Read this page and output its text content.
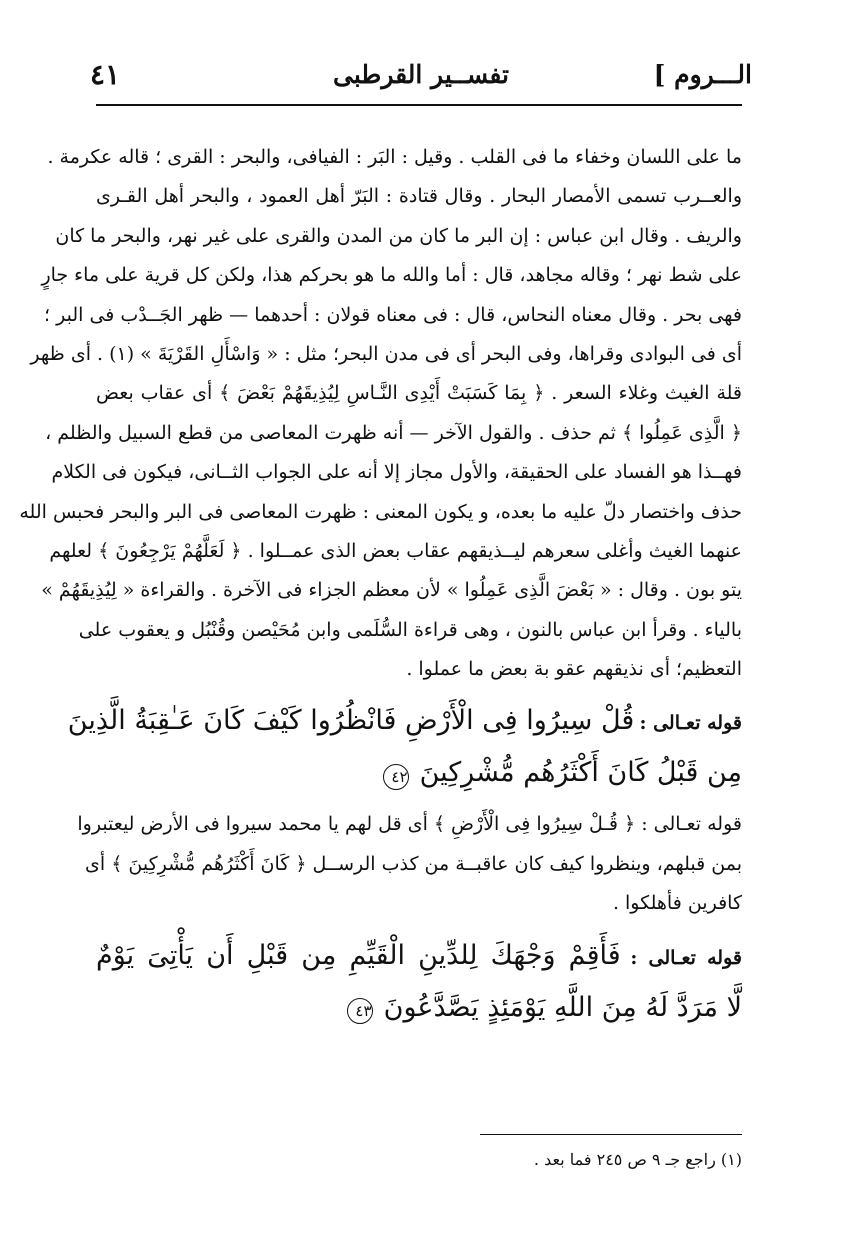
الـــروم ]
تفســير القرطبى
٤١
ما على اللسان وخفاء ما فى القلب . وقيل : البَر : الفيافى، والبحر : القرى ؛ قاله عكرمة .
والعــرب تسمى الأمصار البحار . وقال قتادة : البَرّ أهل العمود ، والبحر أهل القـرى
والريف . وقال ابن عباس : إن البر ما كان من المدن والقرى على غير نهر، والبحر ما كان
على شط نهر ؛ وقاله مجاهد، قال : أما والله ما هو بحركم هذا، ولكن كل قرية على ماء جارٍ
فهى بحر . وقال معناه النحاس، قال : فى معناه قولان : أحدهما — ظهر الجَــدْب فى البر ؛
أى فى البوادى وقراها، وفى البحر أى فى مدن البحر؛ مثل : « وَاسْأَلِ القَرْيَةَ » (١) . أى ظهر
قلة الغيث وغلاء السعر . ﴿ بِمَا كَسَبَتْ أَيْدِى النَّـاسِ لِيُذِيقَهُمْ بَعْضَ ﴾ أى عقاب بعض
﴿ الَّذِى عَمِلُوا ﴾ ثم حذف . والقول الآخر — أنه ظهرت المعاصى من قطع السبيل والظلم ،
فهــذا هو الفساد على الحقيقة، والأول مجاز إلا أنه على الجواب الثــانى، فيكون فى الكلام
حذف واختصار دلّ عليه ما بعده، و يكون المعنى : ظهرت المعاصى فى البر والبحر فحبس الله
عنهما الغيث وأغلى سعرهم ليــذيقهم عقاب بعض الذى عمــلوا . ﴿ لَعَلَّهُمْ يَرْجِعُونَ ﴾ لعلهم
يتو بون . وقال : « بَعْضَ الَّذِى عَمِلُوا » لأن معظم الجزاء فى الآخرة . والقراءة « لِيُذِيقَهُمْ »
بالياء . وقرأ ابن عباس بالنون ، وهى قراءة السُّلَمى وابن مُحَيْصن وقُنْبُل و يعقوب على
التعظيم؛ أى نذيقهم عقو بة بعض ما عملوا .
قوله تعـالى : قُلْ سِيرُوا فِى الْأَرْضِ فَانْظُرُوا كَيْفَ كَانَ عَـٰقِبَةُ الَّذِينَ
مِن قَبْلُ كَانَ أَكْثَرُهُم مُّشْرِكِينَ ٤٢
قوله تعـالى : ﴿ قُـلْ سِيرُوا فِى الْأَرْضِ ﴾ أى قل لهم يا محمد سيروا فى الأرض ليعتبروا
بمن قبلهم، وينظروا كيف كان عاقبــة من كذب الرســل ﴿ كَانَ أَكْثَرُهُم مُّشْرِكِينَ ﴾ أى
كافرين فأهلكوا .
قوله تعـالى : فَأَقِمْ وَجْهَكَ لِلدِّينِ الْقَيِّمِ مِن قَبْلِ أَن يَأْتِىَ يَوْمٌ
لَّا مَرَدَّ لَهُ مِنَ اللَّهِ يَوْمَئِذٍ يَصَّدَّعُونَ ٤٣
(١) راجع جـ ٩ ص ٢٤٥ فما بعد .
